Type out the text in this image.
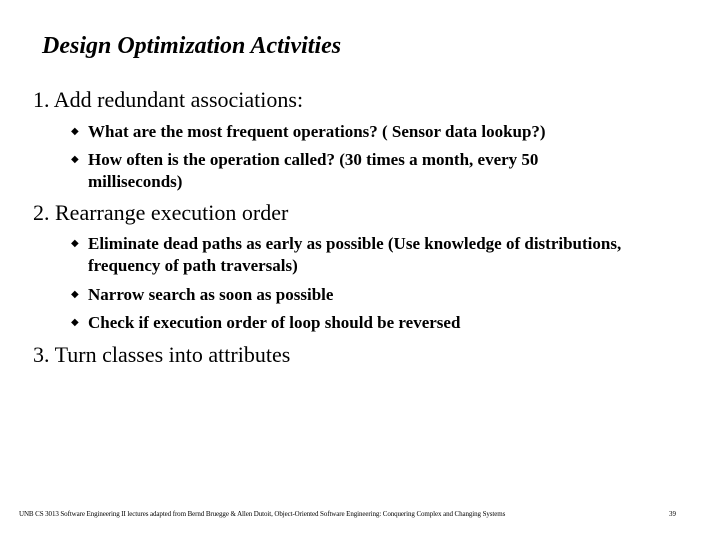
Design Optimization Activities
1. Add redundant associations:
◆ What are the most frequent operations? ( Sensor data lookup?)
◆ How often is the operation called? (30 times a month, every 50 milliseconds)
2. Rearrange execution order
◆ Eliminate dead paths as early as possible (Use knowledge of distributions, frequency of path traversals)
◆ Narrow search as soon as possible
◆ Check if execution order of loop should be reversed
3. Turn classes into attributes
UNB CS 3013 Software Engineering II lectures adapted from Bernd Bruegge & Allen Dutoit, Object-Oriented Software Engineering: Conquering Complex and Changing Systems	39
